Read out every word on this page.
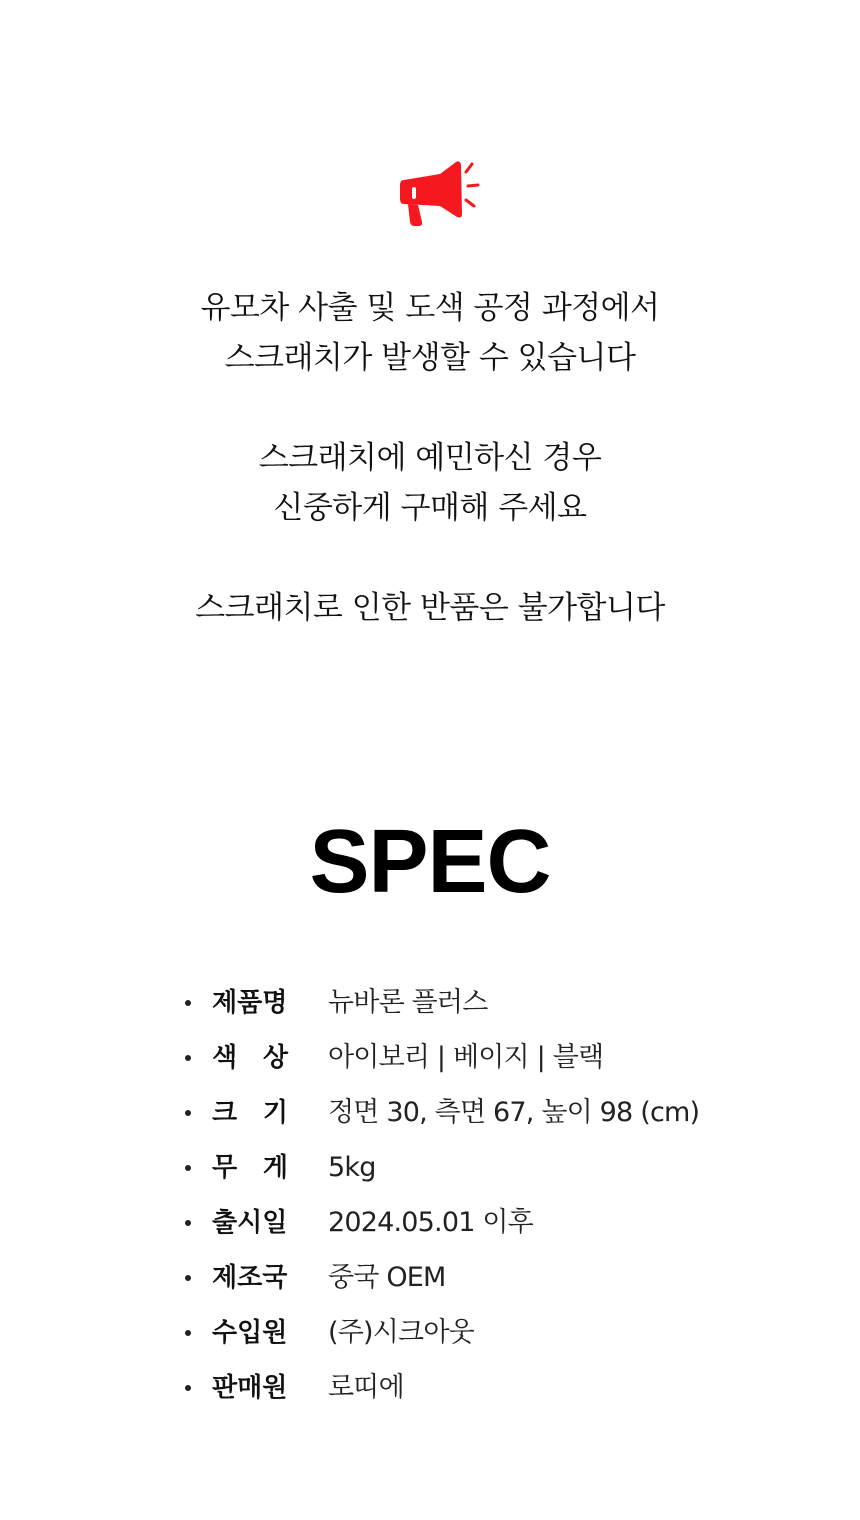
유모차 사출 및 도색 공정 과정에서
스크래치가 발생할 수 있습니다
스크래치에 예민하신 경우
신중하게 구매해 주세요
스크래치로 인한 반품은 불가합니다
SPEC
제품명 뉴바론 플러스
색 상 아이보리 | 베이지 | 블랙
크 기 정면 30, 측면 67, 높이 98 (cm)
무 게 5kg
출시일 2024.05.01 이후
제조국 중국 OEM
수입원 (주)시크아웃
판매원 로띠에
